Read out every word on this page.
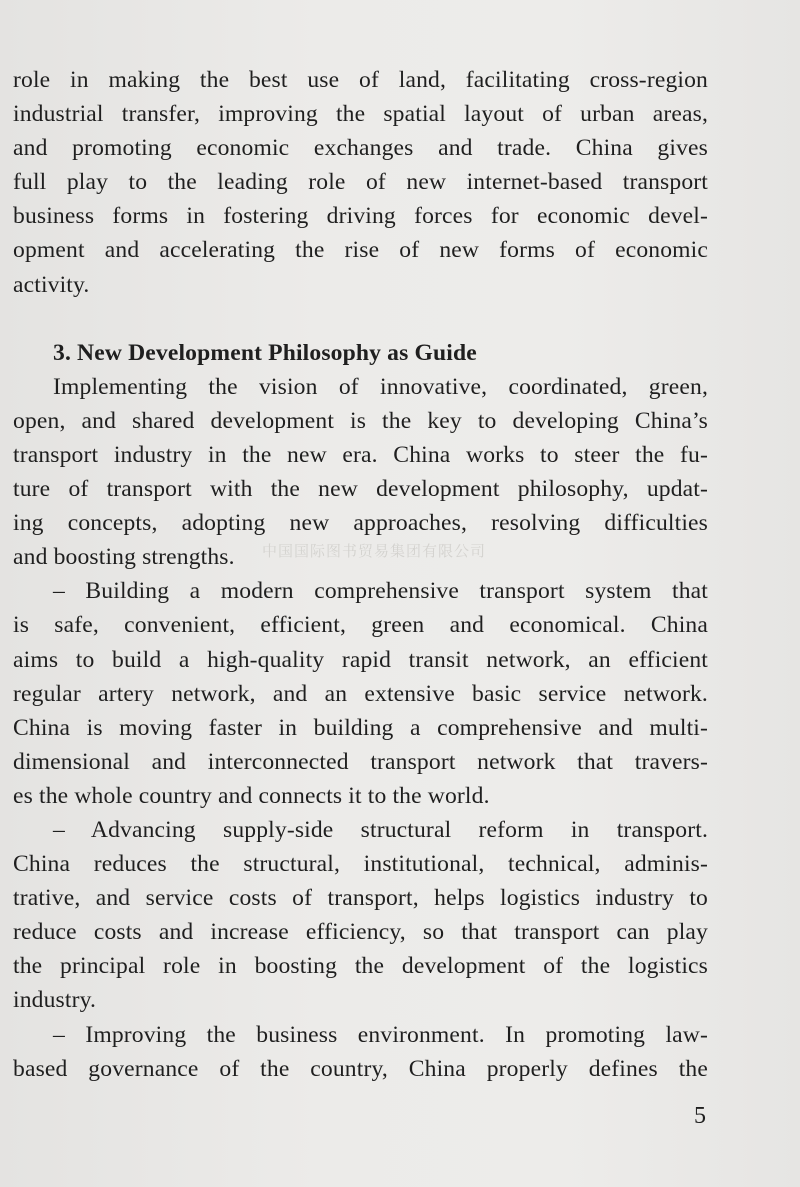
中国国际图书贸易集团有限公司
role in making the best use of land, facilitating cross-region
industrial transfer, improving the spatial layout of urban areas,
and promoting economic exchanges and trade. China gives
full play to the leading role of new internet-based transport
business forms in fostering driving forces for economic devel-
opment and accelerating the rise of new forms of economic
activity.
3. New Development Philosophy as Guide
Implementing the vision of innovative, coordinated, green,
open, and shared development is the key to developing China’s
transport industry in the new era. China works to steer the fu-
ture of transport with the new development philosophy, updat-
ing concepts, adopting new approaches, resolving difficulties
and boosting strengths.
– Building a modern comprehensive transport system that
is safe, convenient, efficient, green and economical. China
aims to build a high-quality rapid transit network, an efficient
regular artery network, and an extensive basic service network.
China is moving faster in building a comprehensive and multi-
dimensional and interconnected transport network that travers-
es the whole country and connects it to the world.
– Advancing supply-side structural reform in transport.
China reduces the structural, institutional, technical, adminis-
trative, and service costs of transport, helps logistics industry to
reduce costs and increase efficiency, so that transport can play
the principal role in boosting the development of the logistics
industry.
– Improving the business environment. In promoting law-
based governance of the country, China properly defines the
5
